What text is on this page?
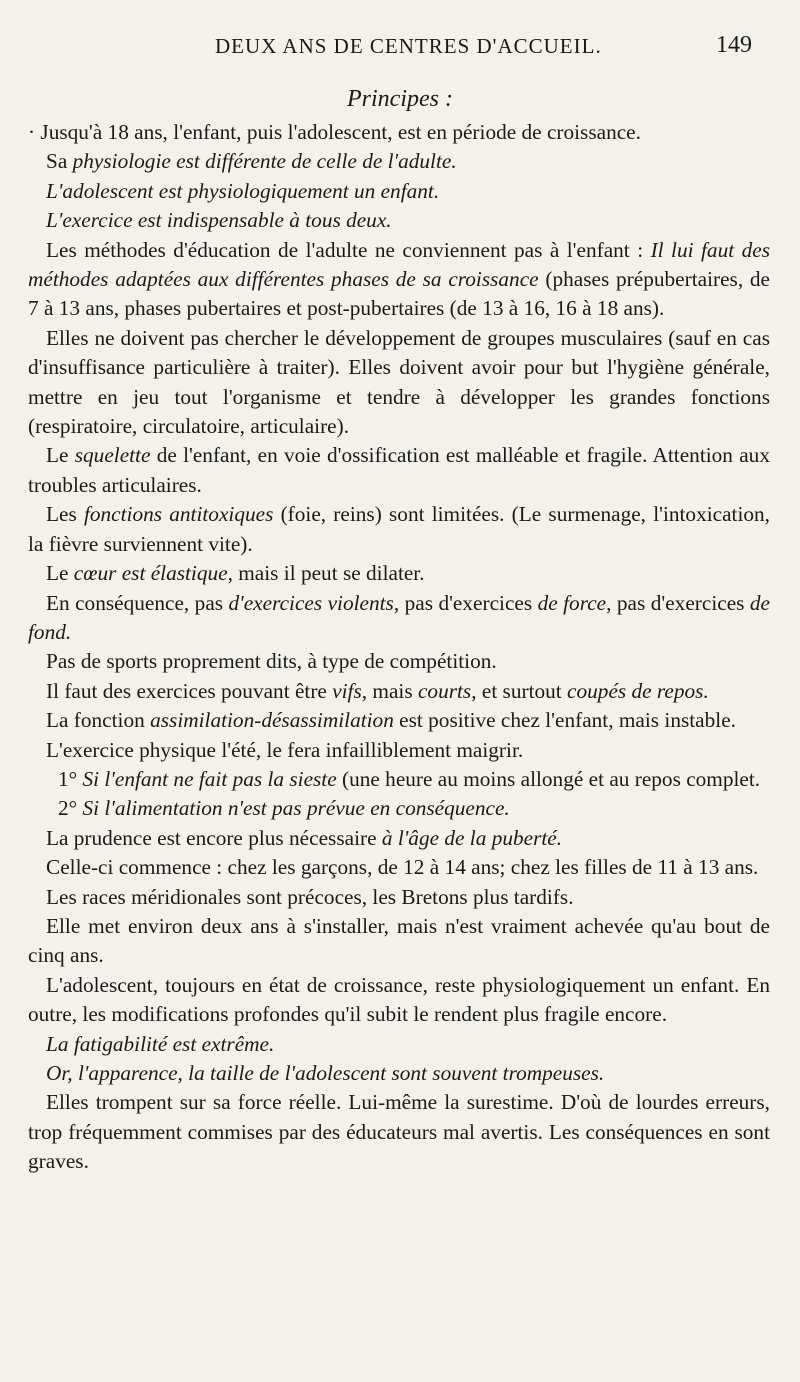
DEUX ANS DE CENTRES D'ACCUEIL.	149
Principes :

· Jusqu'à 18 ans, l'enfant, puis l'adolescent, est en période de croissance.

Sa physiologie est différente de celle de l'adulte.

L'adolescent est physiologiquement un enfant.

L'exercice est indispensable à tous deux.

Les méthodes d'éducation de l'adulte ne conviennent pas à l'enfant : Il lui faut des méthodes adaptées aux différentes phases de sa croissance (phases prépubertaires, de 7 à 13 ans, phases pubertaires et post-pubertaires (de 13 à 16, 16 à 18 ans).

Elles ne doivent pas chercher le développement de groupes musculaires (sauf en cas d'insuffisance particulière à traiter). Elles doivent avoir pour but l'hygiène générale, mettre en jeu tout l'organisme et tendre à développer les grandes fonctions (respiratoire, circulatoire, articulaire).

Le squelette de l'enfant, en voie d'ossification est malléable et fragile. Attention aux troubles articulaires.

Les fonctions antitoxiques (foie, reins) sont limitées. (Le surmenage, l'intoxication, la fièvre surviennent vite).

Le cœur est élastique, mais il peut se dilater.

En conséquence, pas d'exercices violents, pas d'exercices de force, pas d'exercices de fond.

Pas de sports proprement dits, à type de compétition.

Il faut des exercices pouvant être vifs, mais courts, et surtout coupés de repos.

La fonction assimilation-désassimilation est positive chez l'enfant, mais instable.

L'exercice physique l'été, le fera infailliblement maigrir.

1° Si l'enfant ne fait pas la sieste (une heure au moins allongé et au repos complet.

2° Si l'alimentation n'est pas prévue en conséquence.

La prudence est encore plus nécessaire à l'âge de la puberté.

Celle-ci commence : chez les garçons, de 12 à 14 ans; chez les filles de 11 à 13 ans.

Les races méridionales sont précoces, les Bretons plus tardifs.

Elle met environ deux ans à s'installer, mais n'est vraiment achevée qu'au bout de cinq ans.

L'adolescent, toujours en état de croissance, reste physiologiquement un enfant. En outre, les modifications profondes qu'il subit le rendent plus fragile encore.

La fatigabilité est extrême.

Or, l'apparence, la taille de l'adolescent sont souvent trompeuses.

Elles trompent sur sa force réelle. Lui-même la surestime. D'où de lourdes erreurs, trop fréquemment commises par des éducateurs mal avertis. Les conséquences en sont graves.
